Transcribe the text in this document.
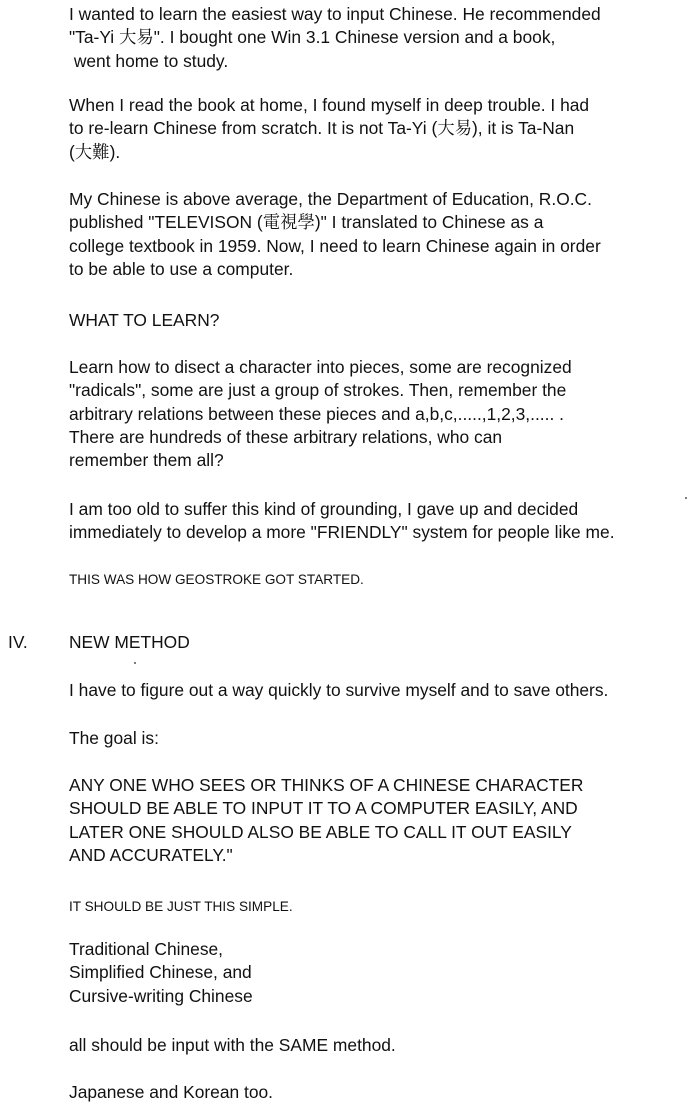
I wanted to learn the easiest way to input Chinese. He recommended
"Ta-Yi 大易". I bought one Win 3.1 Chinese version and a book,
went home to study.

When I read the book at home, I found myself in deep trouble. I had
to re-learn Chinese from scratch. It is not Ta-Yi (大易), it is Ta-Nan
(大難).

My Chinese is above average, the Department of Education, R.O.C.
published "TELEVISON (電視學)" I translated to Chinese as a
college textbook in 1959. Now, I need to learn Chinese again in order
to be able to use a computer.

WHAT TO LEARN?

Learn how to disect a character into pieces, some are recognized
"radicals", some are just a group of strokes. Then, remember the
arbitrary relations between these pieces and a,b,c,.....,1,2,3,..... .
There are hundreds of these arbitrary relations, who can
remember them all?

I am too old to suffer this kind of grounding, I gave up and decided
immediately to develop a more "FRIENDLY" system for people like me.

THIS WAS HOW GEOSTROKE GOT STARTED.

IV. NEW METHOD

I have to figure out a way quickly to survive myself and to save others.

The goal is:

ANY ONE WHO SEES OR THINKS OF A CHINESE CHARACTER
SHOULD BE ABLE TO INPUT IT TO A COMPUTER EASILY, AND
LATER ONE SHOULD ALSO BE ABLE TO CALL IT OUT EASILY
AND ACCURATELY."

IT SHOULD BE JUST THIS SIMPLE.

Traditional Chinese,
Simplified Chinese, and
Cursive-writing Chinese

all should be input with the SAME method.

Japanese and Korean too.
